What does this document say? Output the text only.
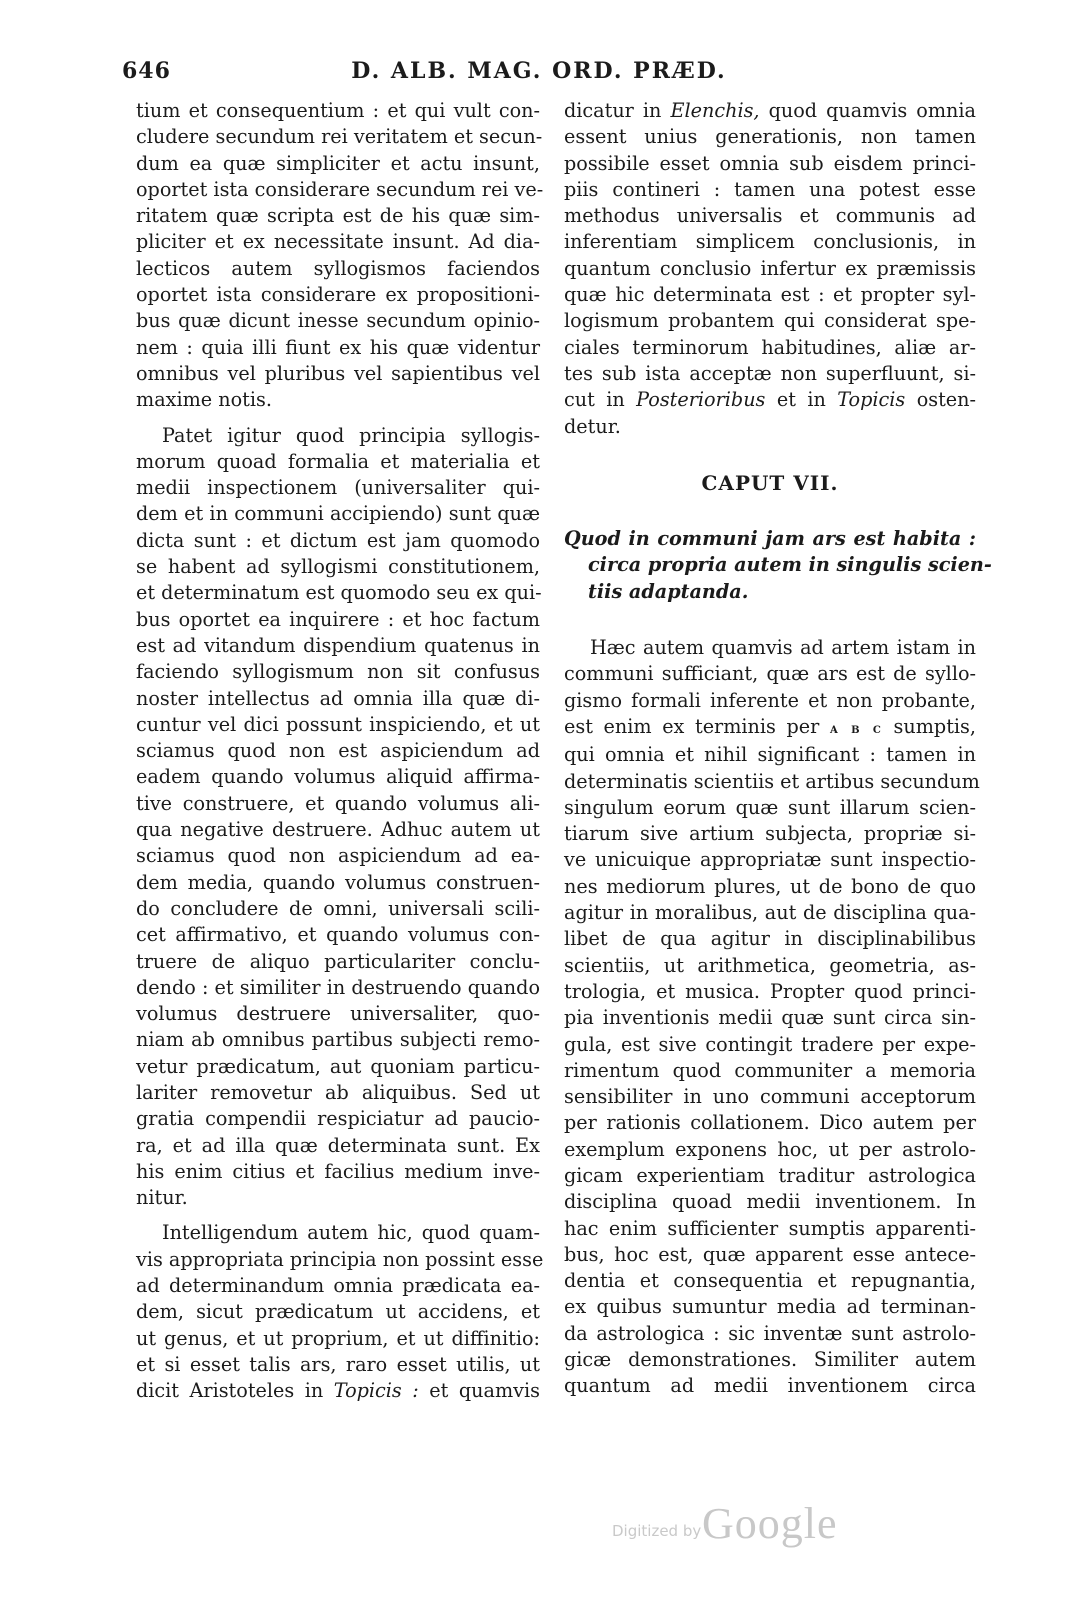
646	D. ALB. MAG. ORD. PRÆD.
tium et consequentium : et qui vult con-
cludere secundum rei veritatem et secun-
dum ea quæ simpliciter et actu insunt,
oportet ista considerare secundum rei ve-
ritatem quæ scripta est de his quæ sim-
pliciter et ex necessitate insunt. Ad dia-
lecticos autem syllogismos faciendos
oportet ista considerare ex propositioni-
bus quæ dicunt inesse secundum opinio-
nem : quia illi fiunt ex his quæ videntur
omnibus vel pluribus vel sapientibus vel
maxime notis.
Patet igitur quod principia syllogis-
morum quoad formalia et materialia et
medii inspectionem (universaliter qui-
dem et in communi accipiendo) sunt quæ
dicta sunt : et dictum est jam quomodo
se habent ad syllogismi constitutionem,
et determinatum est quomodo seu ex qui-
bus oportet ea inquirere : et hoc factum
est ad vitandum dispendium quatenus in
faciendo syllogismum non sit confusus
noster intellectus ad omnia illa quæ di-
cuntur vel dici possunt inspiciendo, et ut
sciamus quod non est aspiciendum ad
eadem quando volumus aliquid affirma-
tive construere, et quando volumus ali-
qua negative destruere. Adhuc autem ut
sciamus quod non aspiciendum ad ea-
dem media, quando volumus construen-
do concludere de omni, universali scili-
cet affirmativo, et quando volumus con-
truere de aliquo particulariter conclu-
dendo : et similiter in destruendo quando
volumus destruere universaliter, quo-
niam ab omnibus partibus subjecti remo-
vetur prædicatum, aut quoniam particu-
lariter removetur ab aliquibus. Sed ut
gratia compendii respiciatur ad paucio-
ra, et ad illa quæ determinata sunt. Ex
his enim citius et facilius medium inve-
nitur.
Intelligendum autem hic, quod quam-
vis appropriata principia non possint esse
ad determinandum omnia prædicata ea-
dem, sicut prædicatum ut accidens, et
ut genus, et ut proprium, et ut diffinitio:
et si esset talis ars, raro esset utilis, ut
dicit Aristoteles in Topicis : et quamvis
dicatur in Elenchis, quod quamvis omnia
essent unius generationis, non tamen
possibile esset omnia sub eisdem princi-
piis contineri : tamen una potest esse
methodus universalis et communis ad
inferentiam simplicem conclusionis, in
quantum conclusio infertur ex præmissis
quæ hic determinata est : et propter syl-
logismum probantem qui considerat spe-
ciales terminorum habitudines, aliæ ar-
tes sub ista acceptæ non superfluunt, si-
cut in Posterioribus et in Topicis osten-
detur.
CAPUT VII.
Quod in communi jam ars est habita :
circa propria autem in singulis scien-
tiis adaptanda.
Hæc autem quamvis ad artem istam in
communi sufficiant, quæ ars est de syllo-
gismo formali inferente et non probante,
est enim ex terminis per a b c sumptis,
qui omnia et nihil significant : tamen in
determinatis scientiis et artibus secundum
singulum eorum quæ sunt illarum scien-
tiarum sive artium subjecta, propriæ si-
ve unicuique appropriatæ sunt inspectio-
nes mediorum plures, ut de bono de quo
agitur in moralibus, aut de disciplina qua-
libet de qua agitur in disciplinabilibus
scientiis, ut arithmetica, geometria, as-
trologia, et musica. Propter quod princi-
pia inventionis medii quæ sunt circa sin-
gula, est sive contingit tradere per expe-
rimentum quod communiter a memoria
sensibiliter in uno communi acceptorum
per rationis collationem. Dico autem per
exemplum exponens hoc, ut per astrolo-
gicam experientiam traditur astrologica
disciplina quoad medii inventionem. In
hac enim sufficienter sumptis apparenti-
bus, hoc est, quæ apparent esse antece-
dentia et consequentia et repugnantia,
ex quibus sumuntur media ad terminan-
da astrologica : sic inventæ sunt astrolo-
gicæ demonstrationes. Similiter autem
quantum ad medii inventionem circa
Digitized by Google
